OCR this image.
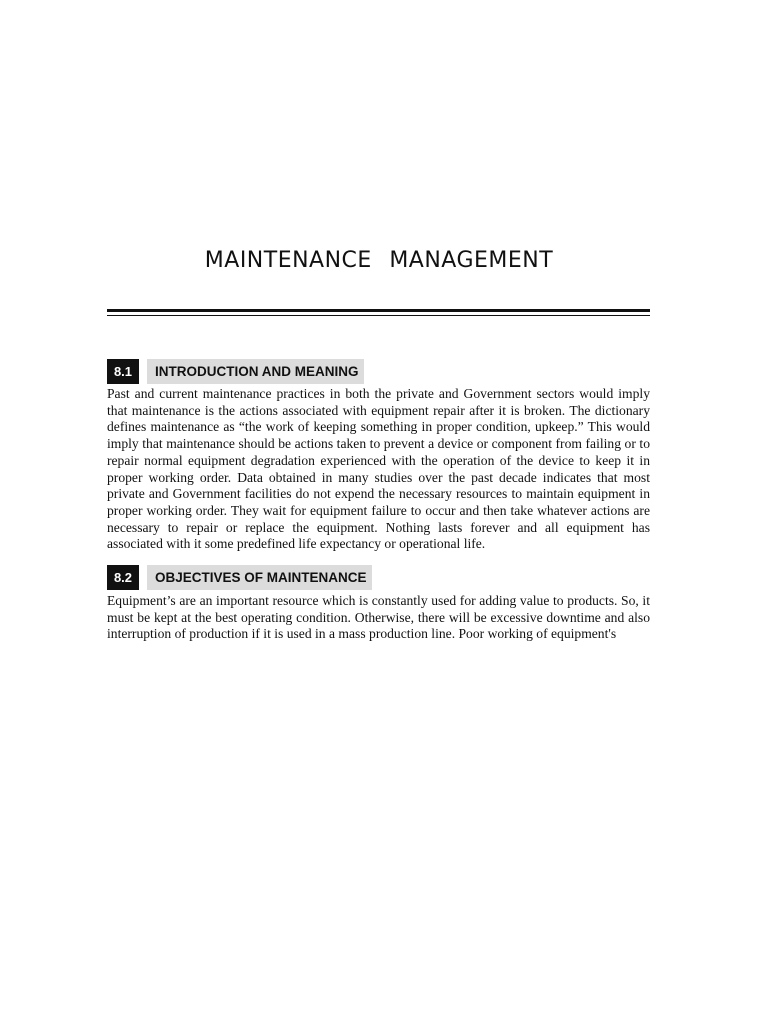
MAINTENANCE MANAGEMENT
8.1	INTRODUCTION AND MEANING

Past and current maintenance practices in both the private and Government sectors would imply that maintenance is the actions associated with equipment repair after it is broken. The dictionary defines maintenance as “the work of keeping something in proper condition, upkeep.” This would imply that maintenance should be actions taken to prevent a device or component from failing or to repair normal equipment degradation experienced with the operation of the device to keep it in proper working order. Data obtained in many studies over the past decade indicates that most private and Government facilities do not expend the necessary resources to maintain equipment in proper working order. They wait for equipment failure to occur and then take whatever actions are necessary to repair or replace the equipment. Nothing lasts forever and all equipment has associated with it some predefined life expectancy or operational life.

8.2	OBJECTIVES OF MAINTENANCE

Equipment’s are an important resource which is constantly used for adding value to products. So, it must be kept at the best operating condition. Otherwise, there will be excessive downtime and also interruption of production if it is used in a mass production line. Poor working of equipment's
